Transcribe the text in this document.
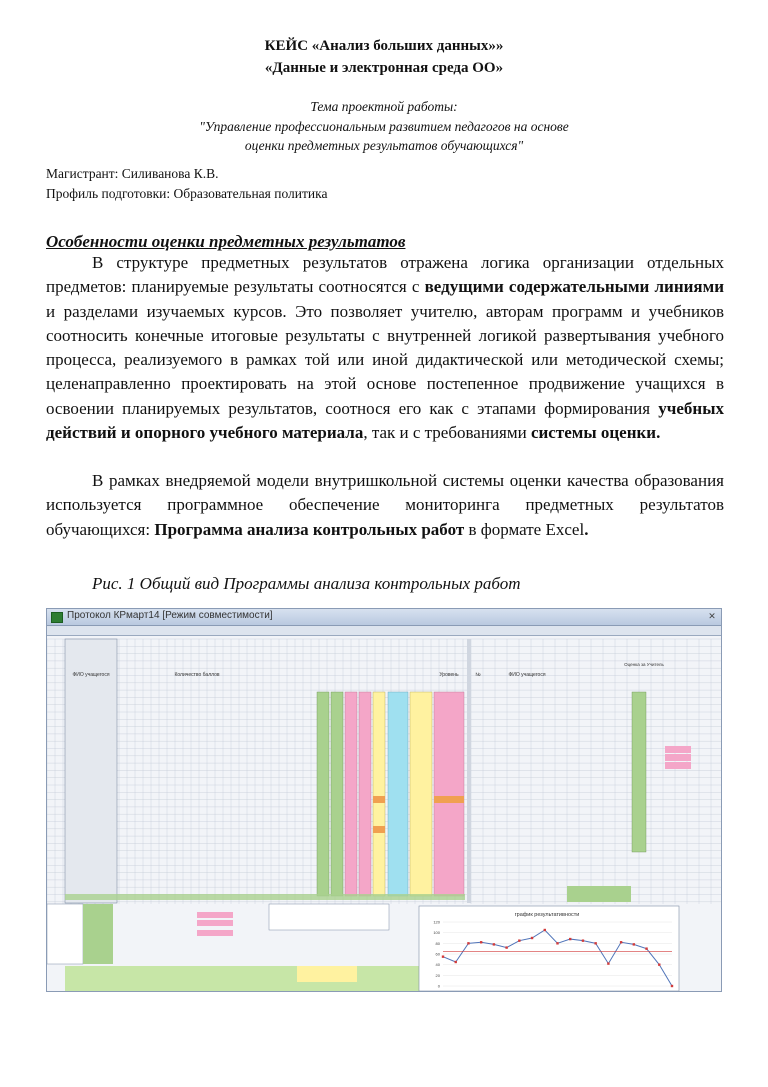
КЕЙС «Анализ больших данных»»
«Данные и электронная среда ОО»
Тема проектной работы:
"Управление профессиональным развитием педагогов на основе
оценки предметных результатов обучающихся"
Магистрант: Силиванова К.В.
Профиль подготовки: Образовательная политика
Особенности оценки предметных результатов

В структуре предметных результатов отражена логика организации отдельных предметов: планируемые результаты соотносятся с ведущими содержательными линиями и разделами изучаемых курсов. Это позволяет учителю, авторам программ и учебников соотносить конечные итоговые результаты с внутренней логикой развертывания учебного процесса, реализуемого в рамках той или иной дидактической или методической схемы; целенаправленно проектировать на этой основе постепенное продвижение учащихся в освоении планируемых результатов, соотнося его как с этапами формирования учебных действий и опорного учебного материала, так и с требованиями системы оценки.

В рамках внедряемой модели внутришкольной системы оценки качества образования используется программное обеспечение мониторинга предметных результатов обучающихся: Программа анализа контрольных работ в формате Excel.

Рис. 1 Общий вид Программы анализа контрольных работ
Протокол КРмарт14 [Режим совместимости]	✕
ФИО учащегося	Количество баллов	Уровень	ФИО учащегося
№
Оценка за Учитель
график результативности
120
100
80
60
40
20
0
